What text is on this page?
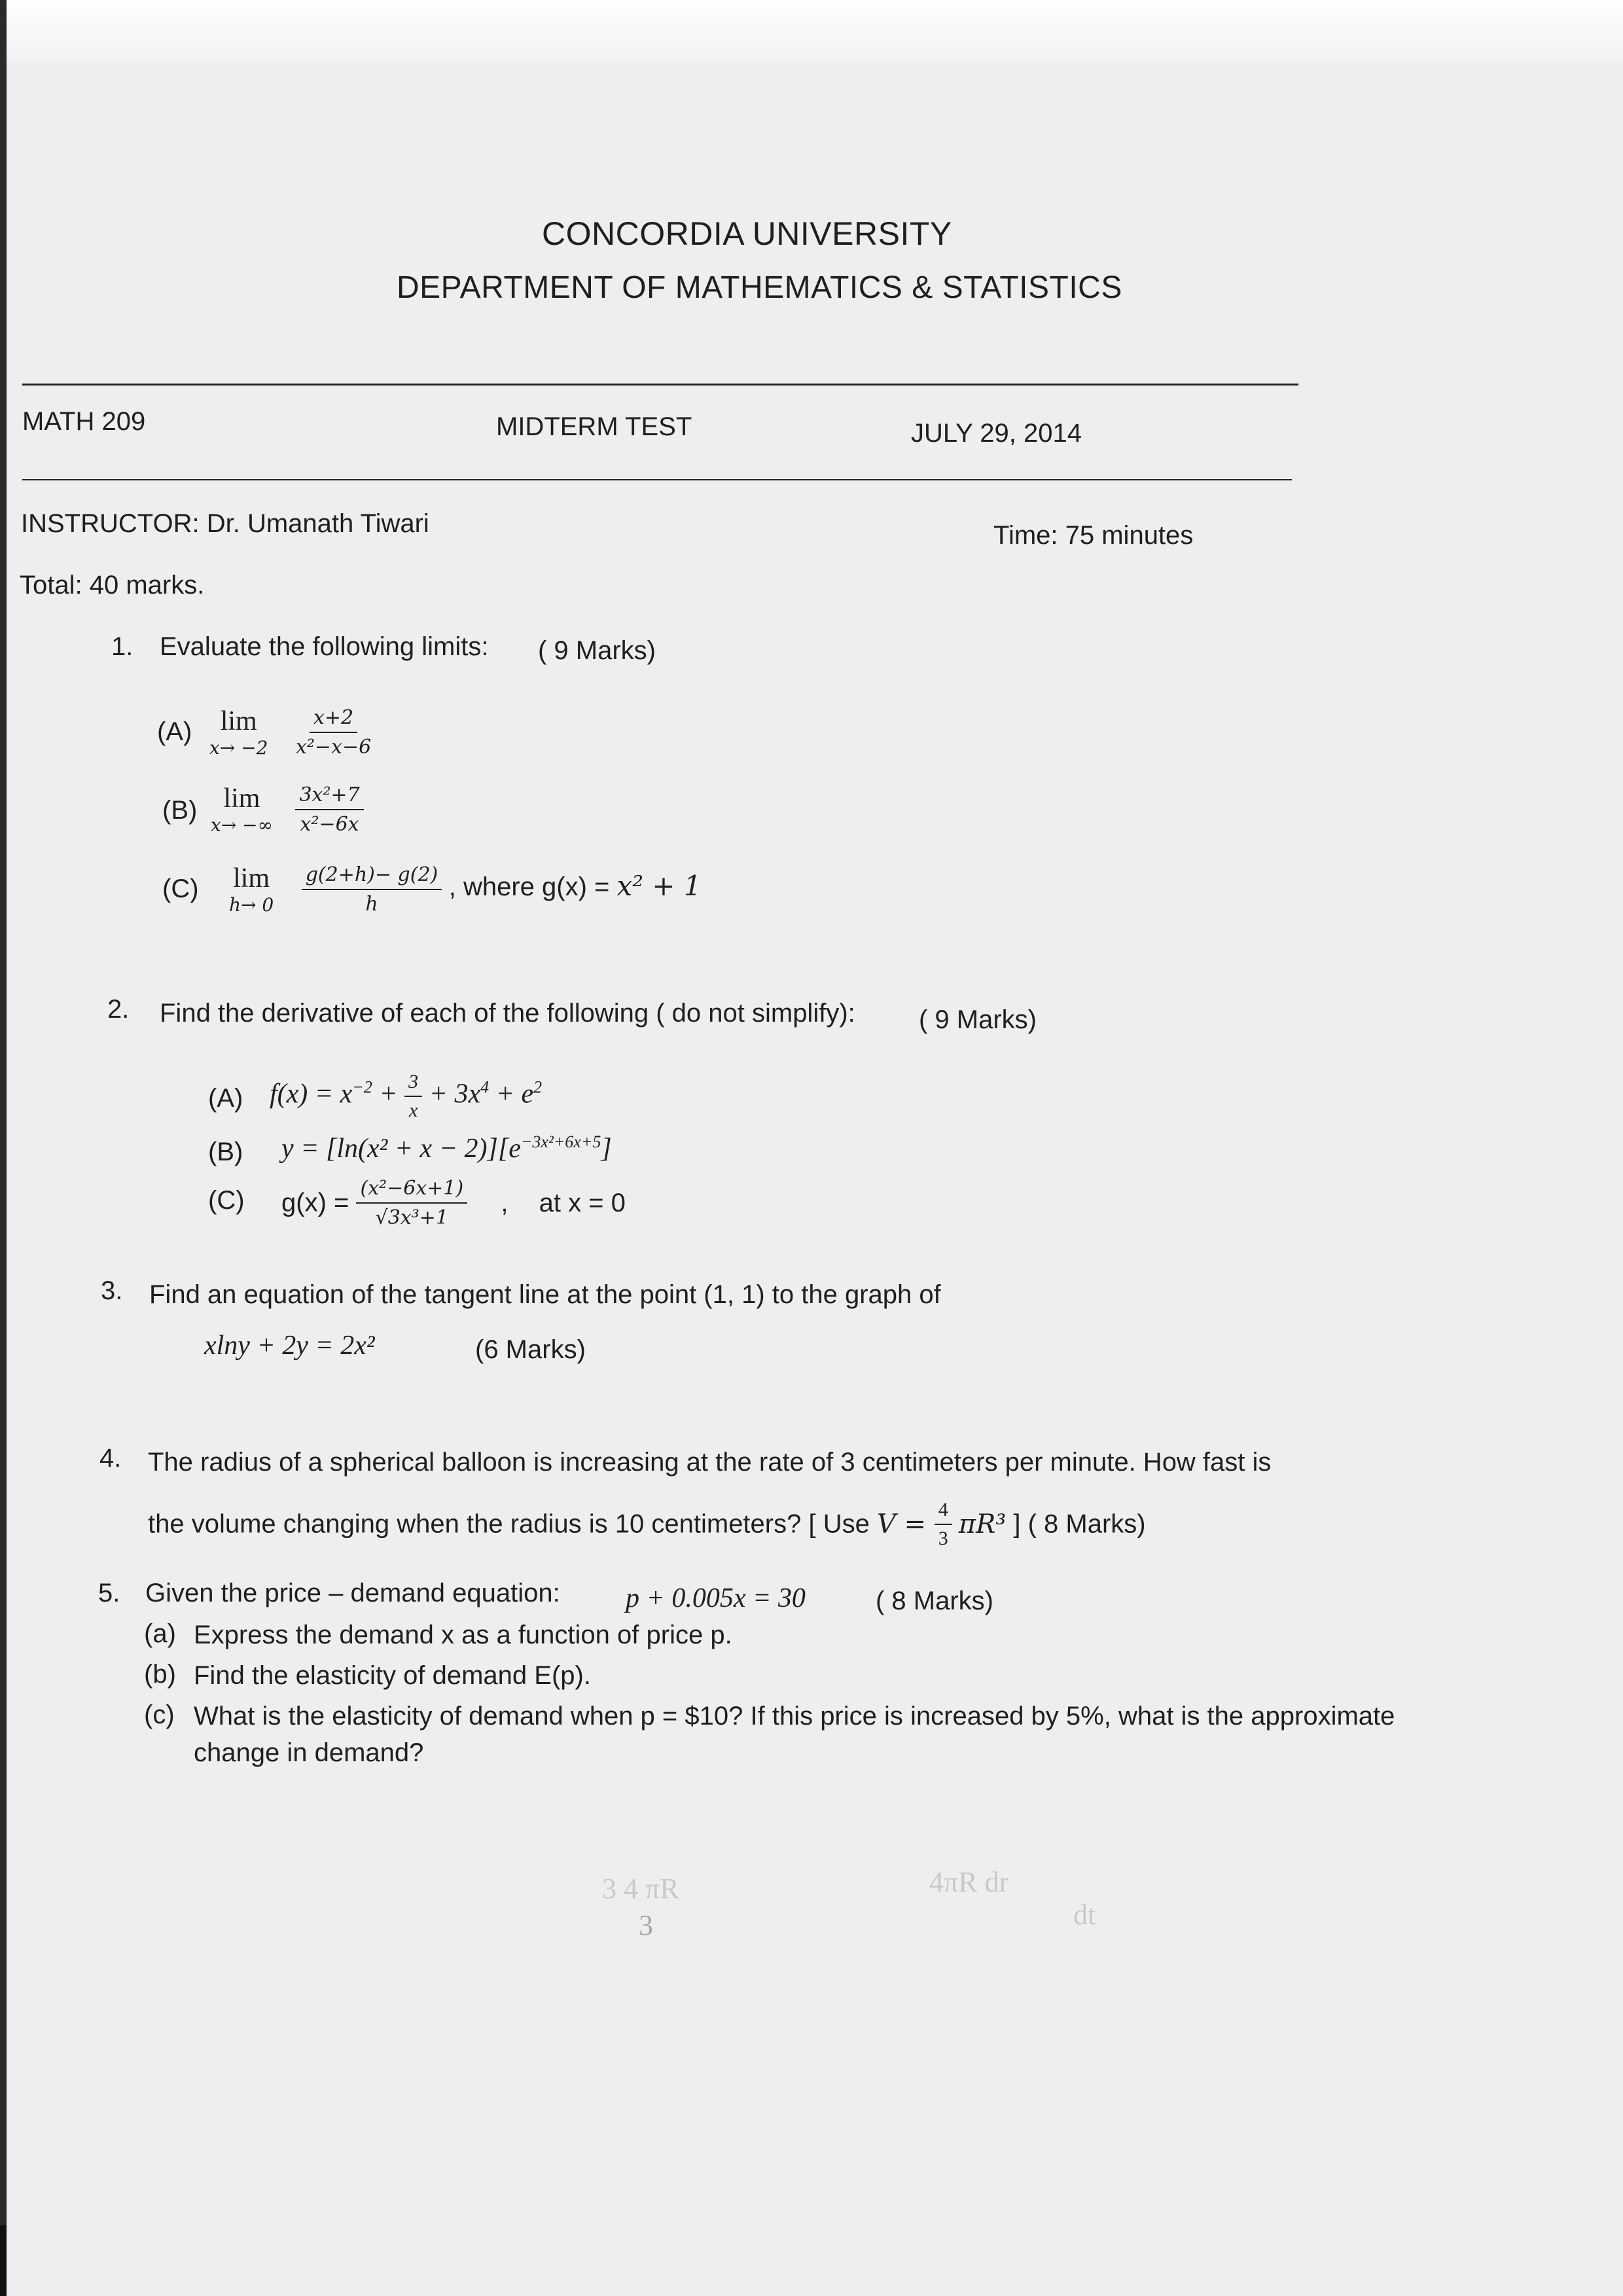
CONCORDIA UNIVERSITY
DEPARTMENT OF MATHEMATICS & STATISTICS
MATH 209	MIDTERM TEST	JULY 29, 2014
INSTRUCTOR: Dr. Umanath Tiwari	Time: 75 minutes
Total: 40 marks.
1. Evaluate the following limits: ( 9 Marks)
(A) lim
x→ −2
$\frac{x+2}{\text{x²−x−6}}$
(B) lim
x→ −∞
$\frac{\text{3x²+7}}{\text{x²−6x}}$
(C) lim
h→ 0
$\frac{g(2+h)- g(2)}{h}$ , where g(x) = x² + 1
2. Find the derivative of each of the following ( do not simplify): ( 9 Marks)
(A) $f(x) = x^{-2} + \frac{3}{x} + 3x^4 + e^2$
(B) $y = [\ln(x^2 + x - 2)][e^{-3x^2+6x+5}]$
(C) $g(x) = \frac{\text{(x²−6x+1)}}{\text{√3x³+1}}$ , at x = 0
3. Find an equation of the tangent line at the point (1, 1) to the graph of
xlny + 2y = 2x²	(6 Marks)
4. The radius of a spherical balloon is increasing at the rate of 3 centimeters per minute. How fast is
the volume changing when the radius is 10 centimeters? [ Use $V = \frac{4}{3} \pi R^3$ ] ( 8 Marks)
5. Given the price – demand equation: p + 0.005x = 30	( 8 Marks)
(a) Express the demand x as a function of price p.
(b) Find the elasticity of demand E(p).
(c) What is the elasticity of demand when p = $10? If this price is increased by 5%, what is the approximate
change in demand?
3 4 πR
3
4πR dr
dt
